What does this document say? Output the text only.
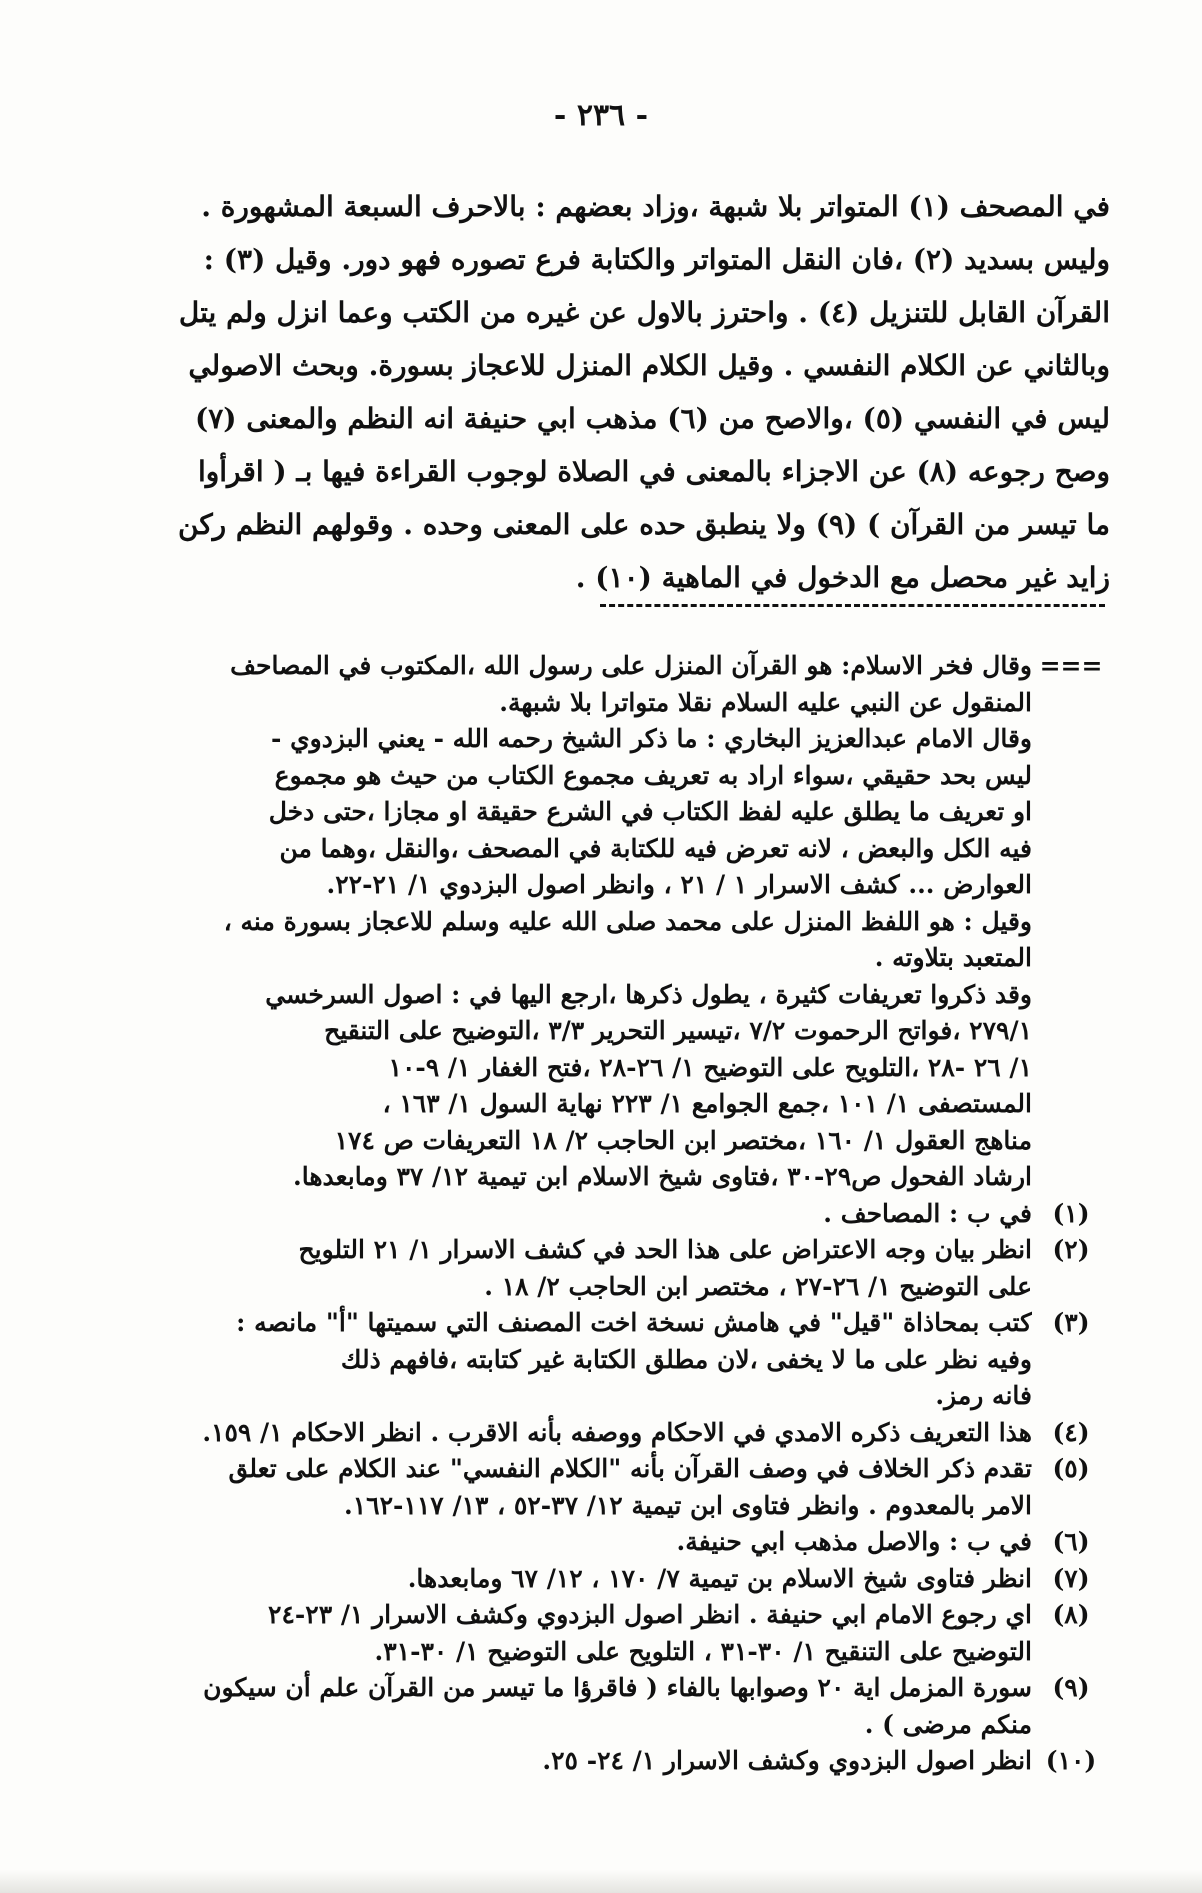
- ٢٣٦ -

في المصحف (١) المتواتر بلا شبهة ،وزاد بعضهم : بالاحرف السبعة المشهورة .

وليس بسديد (٢) ،فان النقل المتواتر والكتابة فرع تصوره فهو دور. وقيل (٣) :

القرآن القابل للتنزيل (٤) . واحترز بالاول عن غيره من الكتب وعما انزل ولم يتل

وبالثاني عن الكلام النفسي . وقيل الكلام المنزل للاعجاز بسورة. وبحث الاصولي

ليس في النفسي (٥) ،والاصح من (٦) مذهب ابي حنيفة انه النظم والمعنى (٧)

وصح رجوعه (٨) عن الاجزاء بالمعنى في الصلاة لوجوب القراءة فيها بـ ( اقرأوا

ما تيسر من القرآن ) (٩) ولا ينطبق حده على المعنى وحده . وقولهم النظم ركن

زايد غير محصل مع الدخول في الماهية (١٠) .

===

وقال فخر الاسلام: هو القرآن المنزل على رسول الله ،المكتوب في المصاحف

المنقول عن النبي عليه السلام نقلا متواترا بلا شبهة.

وقال الامام عبدالعزيز البخاري : ما ذكر الشيخ رحمه الله - يعني البزدوي -

ليس بحد حقيقي ،سواء اراد به تعريف مجموع الكتاب من حيث هو مجموع

او تعريف ما يطلق عليه لفظ الكتاب في الشرع حقيقة او مجازا ،حتى دخل

فيه الكل والبعض ، لانه تعرض فيه للكتابة في المصحف ،والنقل ،وهما من

العوارض ... كشف الاسرار ١ / ٢١ ، وانظر اصول البزدوي ١/ ٢١-٢٢.

وقيل : هو اللفظ المنزل على محمد صلى الله عليه وسلم للاعجاز بسورة منه ،

المتعبد بتلاوته .

وقد ذكروا تعريفات كثيرة ، يطول ذكرها ،ارجع اليها في : اصول السرخسي

٢٧٩/١ ،فواتح الرحموت ٧/٢ ،تيسير التحرير ٣/٣ ،التوضيح على التنقيح

١/ ٢٦ -٢٨ ،التلويح على التوضيح ١/ ٢٦-٢٨ ،فتح الغفار ١/ ٩-١٠

المستصفى ١/ ١٠١ ،جمع الجوامع ١/ ٢٢٣ نهاية السول ١/ ١٦٣ ،

مناهج العقول ١/ ١٦٠ ،مختصر ابن الحاجب ٢/ ١٨ التعريفات ص ١٧٤

ارشاد الفحول ص٢٩-٣٠ ،فتاوى شيخ الاسلام ابن تيمية ١٢/ ٣٧ ومابعدها.

(١)

في ب : المصاحف .

(٢)

انظر بيان وجه الاعتراض على هذا الحد في كشف الاسرار ١/ ٢١ التلويح

على التوضيح ١/ ٢٦-٢٧ ، مختصر ابن الحاجب ٢/ ١٨ .

(٣)

كتب بمحاذاة "قيل" في هامش نسخة اخت المصنف التي سميتها "أ" مانصه :

وفيه نظر على ما لا يخفى ،لان مطلق الكتابة غير كتابته ،فافهم ذلك

فانه رمز.

(٤)

هذا التعريف ذكره الامدي في الاحكام ووصفه بأنه الاقرب . انظر الاحكام ١/ ١٥٩.

(٥)

تقدم ذكر الخلاف في وصف القرآن بأنه "الكلام النفسي" عند الكلام على تعلق

الامر بالمعدوم . وانظر فتاوى ابن تيمية ١٢/ ٣٧-٥٢ ، ١٣/ ١١٧-١٦٢.

(٦)

في ب : والاصل مذهب ابي حنيفة.

(٧)

انظر فتاوى شيخ الاسلام بن تيمية ٧/ ١٧٠ ، ١٢/ ٦٧ ومابعدها.

(٨)

اي رجوع الامام ابي حنيفة . انظر اصول البزدوي وكشف الاسرار ١/ ٢٣-٢٤

التوضيح على التنقيح ١/ ٣٠-٣١ ، التلويح على التوضيح ١/ ٣٠-٣١.

(٩)

سورة المزمل اية ٢٠ وصوابها بالفاء ( فاقرؤا ما تيسر من القرآن علم أن سيكون

منكم مرضى ) .

(١٠)

انظر اصول البزدوي وكشف الاسرار ١/ ٢٤- ٢٥.
